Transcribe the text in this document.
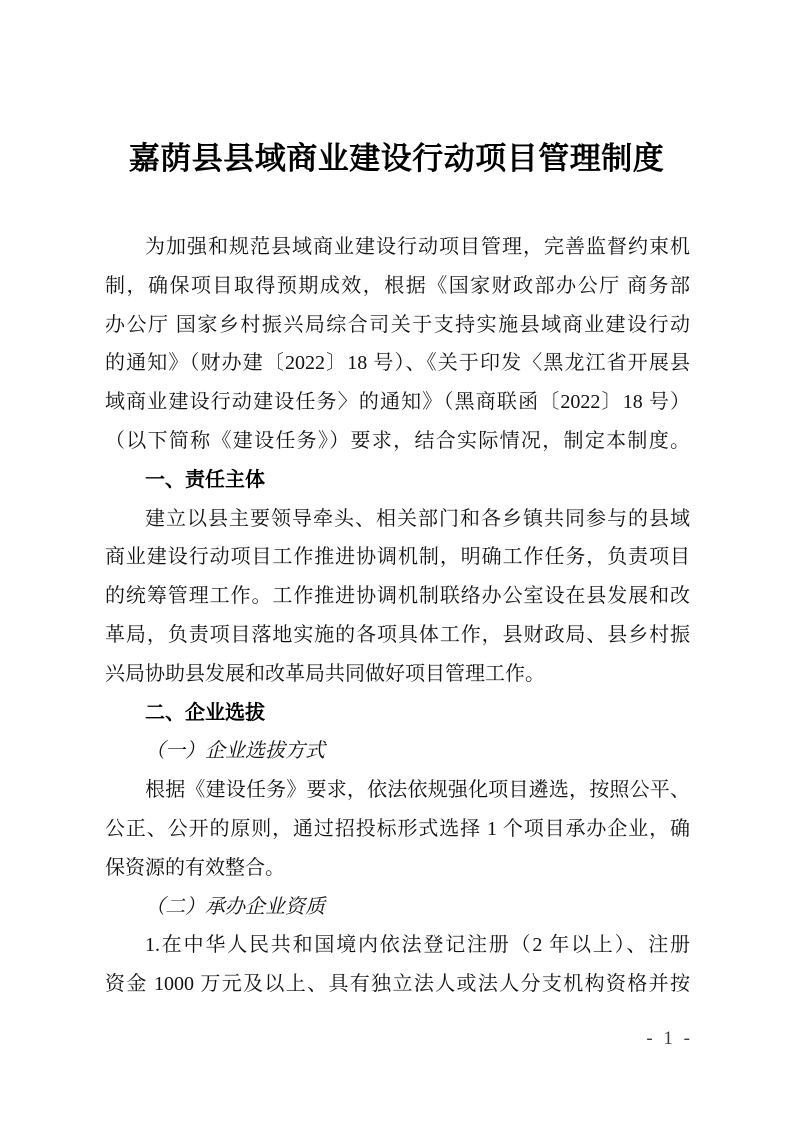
嘉荫县县域商业建设行动项目管理制度
为加强和规范县域商业建设行动项目管理，完善监督约束机
制，确保项目取得预期成效，根据《国家财政部办公厅 商务部
办公厅 国家乡村振兴局综合司关于支持实施县域商业建设行动
的通知》（财办建〔2022〕18 号）、《关于印发〈黑龙江省开展县
域商业建设行动建设任务〉的通知》（黑商联函〔2022〕18 号）
（以下简称《建设任务》）要求，结合实际情况，制定本制度。
一、责任主体
建立以县主要领导牵头、相关部门和各乡镇共同参与的县域
商业建设行动项目工作推进协调机制，明确工作任务，负责项目
的统筹管理工作。工作推进协调机制联络办公室设在县发展和改
革局，负责项目落地实施的各项具体工作，县财政局、县乡村振
兴局协助县发展和改革局共同做好项目管理工作。
二、企业选拔
（一）企业选拔方式
根据《建设任务》要求，依法依规强化项目遴选，按照公平、
公正、公开的原则，通过招投标形式选择 1 个项目承办企业，确
保资源的有效整合。
（二）承办企业资质
1.在中华人民共和国境内依法登记注册（2 年以上）、注册
资金 1000 万元及以上、具有独立法人或法人分支机构资格并按
- 1 -
